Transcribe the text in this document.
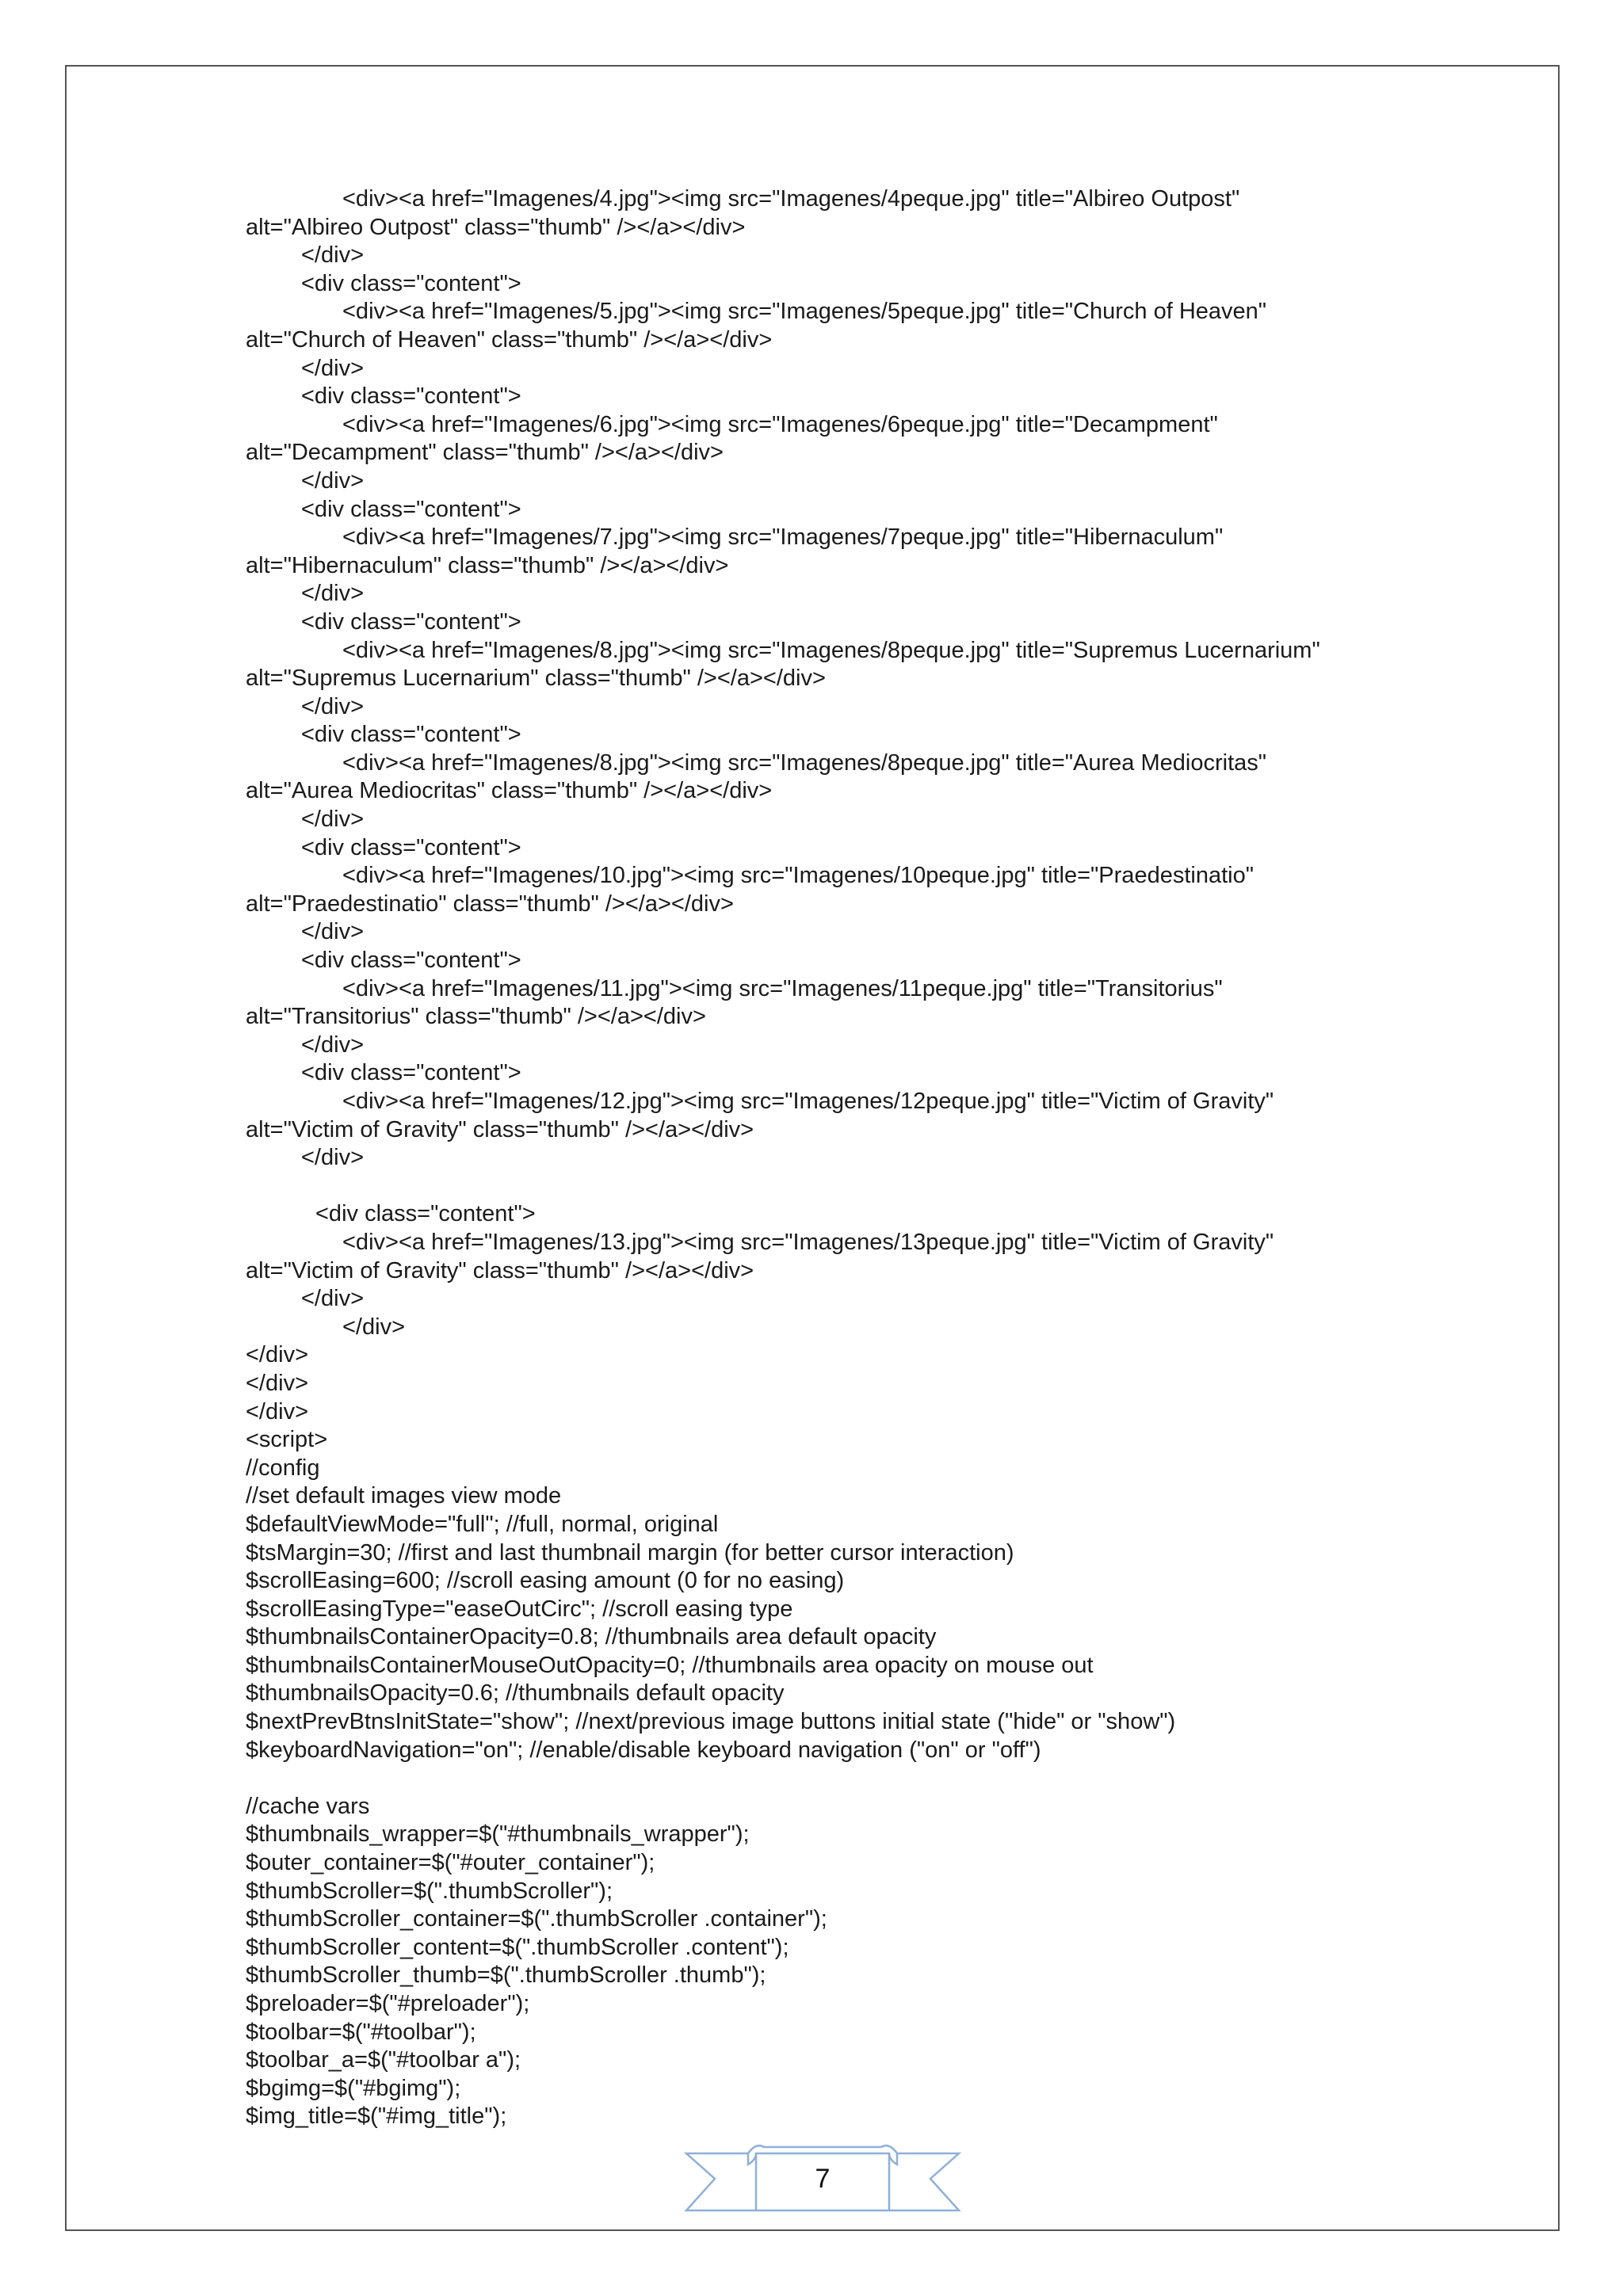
<div><a href="Imagenes/4.jpg"><img src="Imagenes/4peque.jpg" title="Albireo Outpost"
alt="Albireo Outpost" class="thumb" /></a></div>
</div>
<div class="content">
<div><a href="Imagenes/5.jpg"><img src="Imagenes/5peque.jpg" title="Church of Heaven"
alt="Church of Heaven" class="thumb" /></a></div>
</div>
<div class="content">
<div><a href="Imagenes/6.jpg"><img src="Imagenes/6peque.jpg" title="Decampment"
alt="Decampment" class="thumb" /></a></div>
</div>
<div class="content">
<div><a href="Imagenes/7.jpg"><img src="Imagenes/7peque.jpg" title="Hibernaculum"
alt="Hibernaculum" class="thumb" /></a></div>
</div>
<div class="content">
<div><a href="Imagenes/8.jpg"><img src="Imagenes/8peque.jpg" title="Supremus Lucernarium"
alt="Supremus Lucernarium" class="thumb" /></a></div>
</div>
<div class="content">
<div><a href="Imagenes/8.jpg"><img src="Imagenes/8peque.jpg" title="Aurea Mediocritas"
alt="Aurea Mediocritas" class="thumb" /></a></div>
</div>
<div class="content">
<div><a href="Imagenes/10.jpg"><img src="Imagenes/10peque.jpg" title="Praedestinatio"
alt="Praedestinatio" class="thumb" /></a></div>
</div>
<div class="content">
<div><a href="Imagenes/11.jpg"><img src="Imagenes/11peque.jpg" title="Transitorius"
alt="Transitorius" class="thumb" /></a></div>
</div>
<div class="content">
<div><a href="Imagenes/12.jpg"><img src="Imagenes/12peque.jpg" title="Victim of Gravity"
alt="Victim of Gravity" class="thumb" /></a></div>
</div>
<div class="content">
<div><a href="Imagenes/13.jpg"><img src="Imagenes/13peque.jpg" title="Victim of Gravity"
alt="Victim of Gravity" class="thumb" /></a></div>
</div>
</div>
</div>
</div>
</div>
<script>
//config
//set default images view mode
$defaultViewMode="full"; //full, normal, original
$tsMargin=30; //first and last thumbnail margin (for better cursor interaction)
$scrollEasing=600; //scroll easing amount (0 for no easing)
$scrollEasingType="easeOutCirc"; //scroll easing type
$thumbnailsContainerOpacity=0.8; //thumbnails area default opacity
$thumbnailsContainerMouseOutOpacity=0; //thumbnails area opacity on mouse out
$thumbnailsOpacity=0.6; //thumbnails default opacity
$nextPrevBtnsInitState="show"; //next/previous image buttons initial state ("hide" or "show")
$keyboardNavigation="on"; //enable/disable keyboard navigation ("on" or "off")
//cache vars
$thumbnails_wrapper=$("#thumbnails_wrapper");
$outer_container=$("#outer_container");
$thumbScroller=$(".thumbScroller");
$thumbScroller_container=$(".thumbScroller .container");
$thumbScroller_content=$(".thumbScroller .content");
$thumbScroller_thumb=$(".thumbScroller .thumb");
$preloader=$("#preloader");
$toolbar=$("#toolbar");
$toolbar_a=$("#toolbar a");
$bgimg=$("#bgimg");
$img_title=$("#img_title");
7
